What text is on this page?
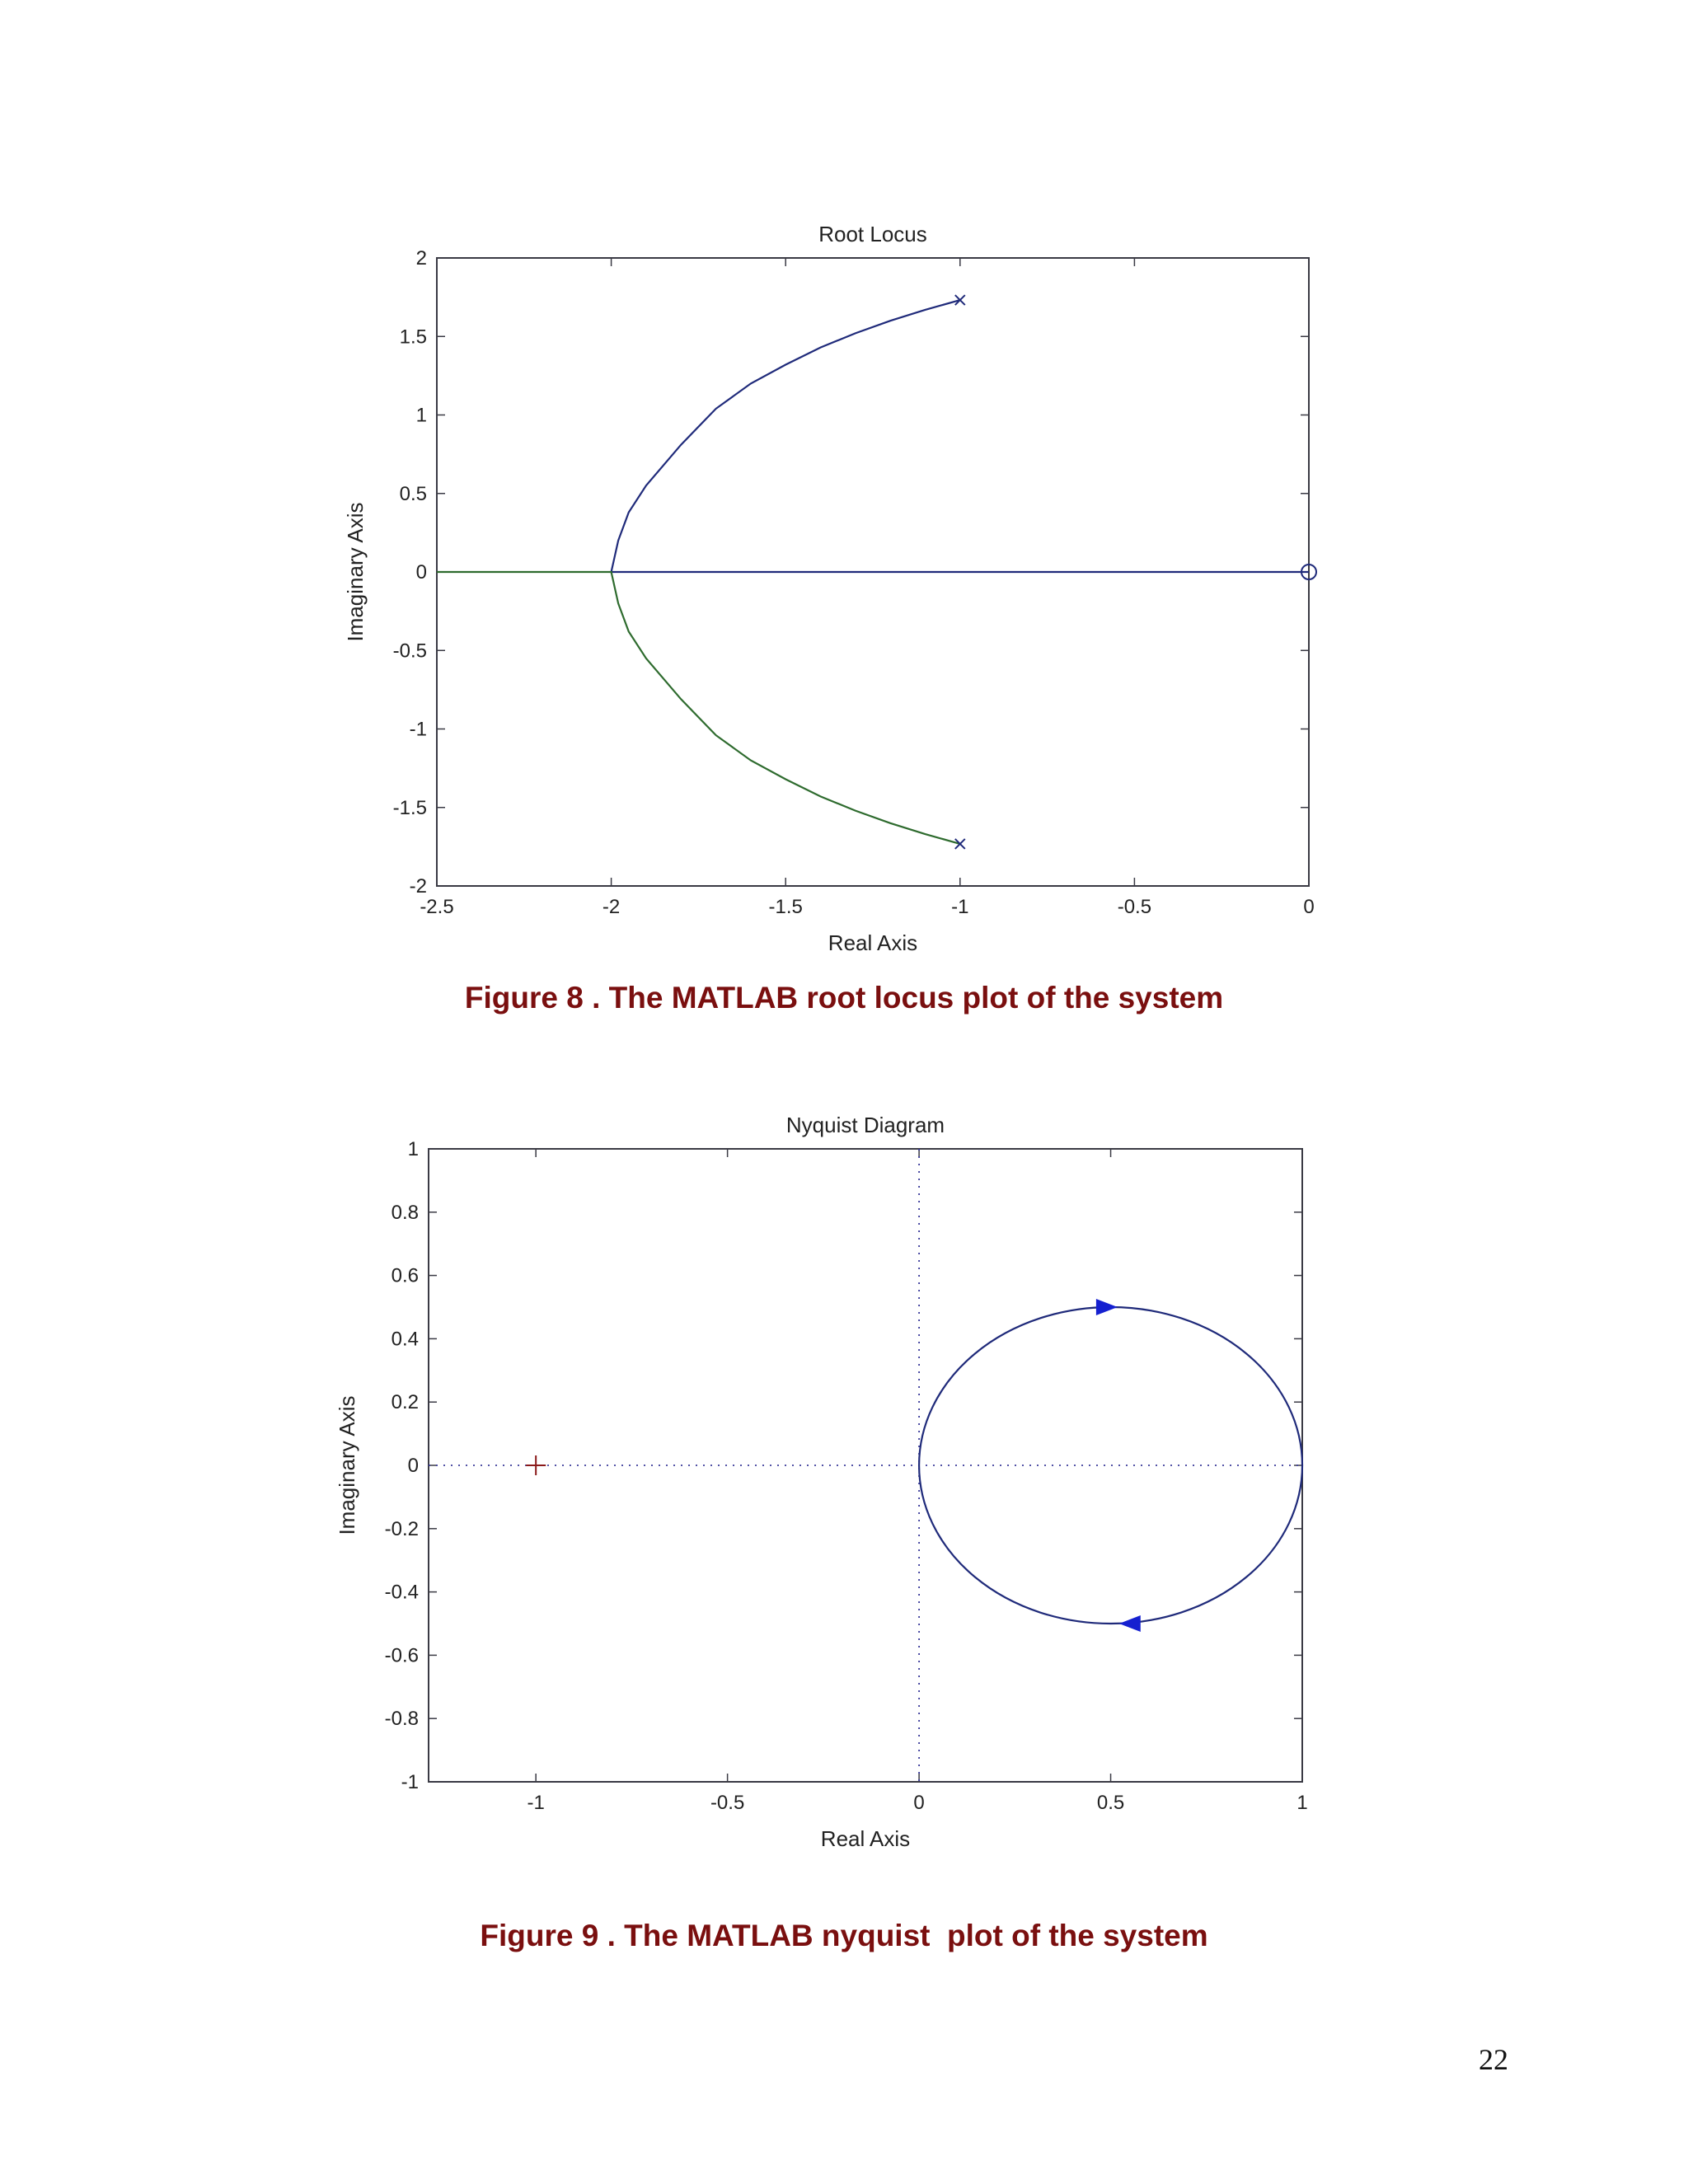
-2.5	-2	-1.5	-1	-0.5	0
-2
-1.5
-1
-0.5
0
0.5
1
1.5
2
Root Locus
Real Axis
Imaginary Axis
Figure 8 . The MATLAB root locus plot of the system
-1	-0.5	0	0.5	1
-1
-0.8
-0.6
-0.4
-0.2
0
0.2
0.4
0.6
0.8
1
Nyquist Diagram
Real Axis
Imaginary Axis
Figure 9 . The MATLAB nyquist  plot of the system
22
